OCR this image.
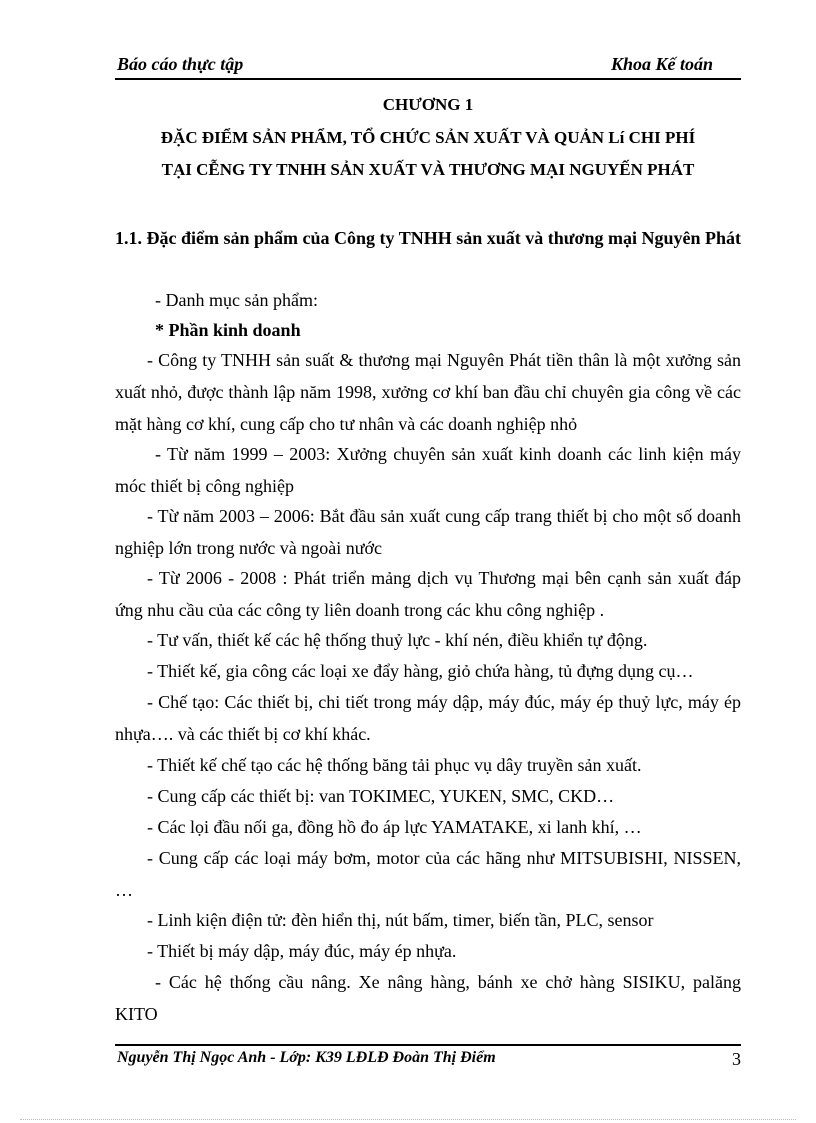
Báo cáo thực tập	Khoa Kế toán
CHƯƠNG 1
ĐẶC ĐIỂM SẢN PHẨM, TỔ CHỨC SẢN XUẤT VÀ QUẢN Lí CHI PHÍ
TẠI CỄNG TY TNHH SẢN XUẤT VÀ THƯƠNG MẠI NGUYẾN PHÁT
1.1. Đặc điểm sản phẩm của Công ty TNHH sản xuất và thương mại Nguyên Phát
- Danh mục sản phẩm:
* Phần kinh doanh
- Công ty TNHH sản suất & thương mại Nguyên Phát tiền thân là một xưởng sản xuất nhỏ, được thành lập năm 1998, xưởng cơ khí ban đầu chỉ chuyên gia công về các mặt hàng cơ khí, cung cấp cho tư nhân và các doanh nghiệp nhỏ
- Từ năm 1999 – 2003: Xưởng chuyên sản xuất kinh doanh các linh kiện máy móc thiết bị công nghiệp
- Từ năm 2003 – 2006: Bắt đầu sản xuất cung cấp trang thiết bị cho một số doanh nghiệp lớn trong nước và ngoài nước
- Từ 2006 - 2008 : Phát triển mảng dịch vụ Thương mại bên cạnh sản xuất đáp ứng nhu cầu của các công ty liên doanh trong các khu công nghiệp .
- Tư vấn, thiết kế các hệ thống thuỷ lực - khí nén, điều khiển tự động.
- Thiết kế, gia công các loại xe đẩy hàng, giỏ chứa hàng, tủ đựng dụng cụ…
- Chế tạo: Các thiết bị, chi tiết trong máy dập, máy đúc, máy ép thuỷ lực, máy ép nhựa…. và các thiết bị cơ khí khác.
- Thiết kế chế tạo các hệ thống băng tải phục vụ dây truyền sản xuất.
- Cung cấp các thiết bị: van TOKIMEC, YUKEN, SMC, CKD…
- Các lọi đầu nối ga, đồng hồ đo áp lực YAMATAKE, xi lanh khí, …
- Cung cấp các loại máy bơm, motor của các hãng như MITSUBISHI, NISSEN, …
- Linh kiện điện tử: đèn hiển thị, nút bấm, timer, biến tần, PLC, sensor
- Thiết bị máy dập, máy đúc, máy ép nhựa.
- Các hệ thống cầu nâng. Xe nâng hàng, bánh xe chở hàng SISIKU, palăng KITO
Nguyễn Thị Ngọc Anh - Lớp: K39 LĐLĐ Đoàn Thị Điểm	3
